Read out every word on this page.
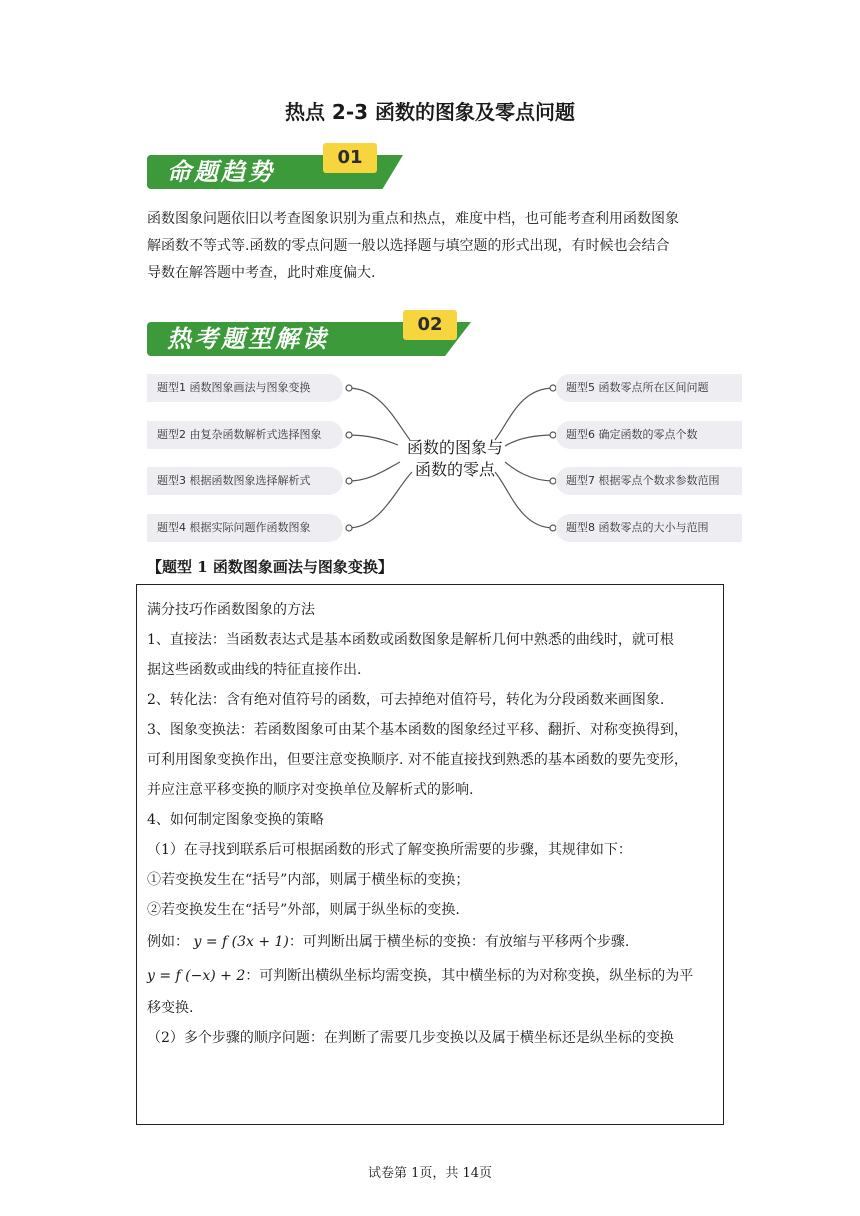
热点 2-3 函数的图象及零点问题
命题趋势
01

函数图象问题依旧以考查图象识别为重点和热点，难度中档，也可能考查利用函数图象

解函数不等式等.函数的零点问题一般以选择题与填空题的形式出现，有时候也会结合

导数在解答题中考查，此时难度偏大.

热考题型解读
02
题型1 函数图象画法与图象变换
题型2 由复杂函数解析式选择图象
题型3 根据函数图象选择解析式
题型4 根据实际问题作函数图象
题型5 函数零点所在区间问题
题型6 确定函数的零点个数
题型7 根据零点个数求参数范围
题型8 函数零点的大小与范围
函数的图象与
函数的零点
【题型 1 函数图象画法与图象变换】

满分技巧作函数图象的方法

1、直接法：当函数表达式是基本函数或函数图象是解析几何中熟悉的曲线时，就可根

据这些函数或曲线的特征直接作出.

2、转化法：含有绝对值符号的函数，可去掉绝对值符号，转化为分段函数来画图象.

3、图象变换法：若函数图象可由某个基本函数的图象经过平移、翻折、对称变换得到，

可利用图象变换作出，但要注意变换顺序. 对不能直接找到熟悉的基本函数的要先变形，

并应注意平移变换的顺序对变换单位及解析式的影响.

4、如何制定图象变换的策略

（1）在寻找到联系后可根据函数的形式了解变换所需要的步骤，其规律如下：

①若变换发生在“括号”内部，则属于横坐标的变换；

②若变换发生在“括号”外部，则属于纵坐标的变换.

例如： y = f (3x + 1)：可判断出属于横坐标的变换：有放缩与平移两个步骤.

y = f (−x) + 2：可判断出横纵坐标均需变换，其中横坐标的为对称变换，纵坐标的为平

移变换.

（2）多个步骤的顺序问题：在判断了需要几步变换以及属于横坐标还是纵坐标的变换

试卷第 1页，共 14页
